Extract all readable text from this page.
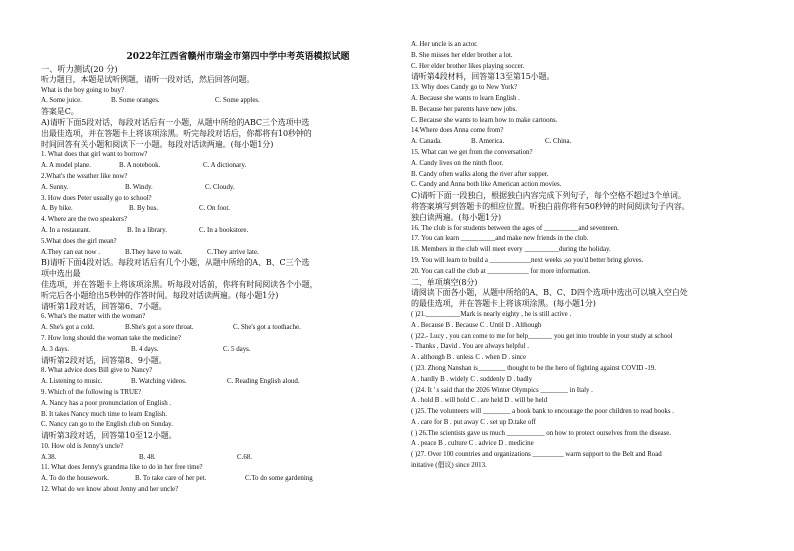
2022年江西省赣州市瑞金市第四中学中考英语模拟试题
一、听力测试(20 分)
听力题目，本题是试听例题，请听一段对话，然后回答问题。
What is the boy going to buy?
A. Some juice.	B. Some oranges.	C. Some apples.
答案是C。
A)请听下面5段对话，每段对话后有一小题，从题中所给的ABC三个选项中选
出最佳选项，并在答题卡上将该项涂黑。听完每段对话后，你都将有10秒钟的
时间回答有关小题和阅读下一小题。每段对话读两遍。(每小题1分)
1. What does that girl want to borrow?
A. A model plane.	B. A notebook.	C. A dictionary.
2.What's the weather like now?
A. Sunny.	B. Windy.	C. Cloudy.
3. How does Peter usually go to school?
A. By bike.	B. By bus.	C. On foot.
4. Where are the two speakers?
A. In a restaurant.	B. In a library.	C. In a bookstore.
5.What does the girl mean?
A.They can eat now .	B.They have to wait.	C.They arrive late.
B)请听下面4段对话。每段对话后有几个小题，从题中所给的A、B、C三个选
项中选出最
佳选项，并在答题卡上将该项涂黑。听每段对话前，你将有时间阅读各个小题，
听完后各小题给出5秒钟的作答时间。每段对话读两遍。(每小题1分)
请听第1段对话，回答第6、7小题。
6. What's the matter with the woman?
A. She's got a cold.	B.She's got a sore throat.	C. She's got a toothache.
7. How long should the woman take the medicine?
A. 3 days.	B. 4 days.	C. 5 days.
请听第2段对话，回答第8、9小题。
8. What advice does Bill give to Nancy?
A. Listening to music.	B. Watching videos.	C. Reading English aloud.
9. Which of the following is TRUE?
A. Nancy has a poor pronunciation of English .
B. It takes Nancy much time to learn English.
C. Nancy can go to the English club on Sunday.
请听第3段对话，回答第10至12小题。
10. How old is Jenny's uncle?
A.38.	B. 48.	C.68.
11. What does Jenny's grandma like to do in her free time?
A. To do the housework.	B. To take care of her pet.	C.To do some gardening
12. What do we know about Jenny and her uncle?
A. Her uncle is an actor.
B. She misses her elder brother a lot.
C. Her elder brother likes playing soccer.
请听第4段材料，回答第13至第15小题。
13. Why does Candy go to New York?
A. Because she wants to learn English .
B. Because her parents have new jobs.
C. Because she wants to learn how to make cartoons.
14.Where does Anna come from?
A. Canada.	B. America.	C. China.
15. What can we get from the conversation?
A. Candy lives on the ninth floor.
B. Candy often walks along the river after supper.
C. Candy and Anna both like American action movies.
C)请听下面一段独白，根据独白内容完成下列句子，每个空格不超过3个单词。
将答案填写到答题卡的相应位置。听独白前你将有50秒钟的时间阅读句子内容。
独白读两遍。(每小题1分)
16. The club is for students between the ages of __________and seventeen.
17. You can learn __________and make new friends in the club.
18. Members in the club will meet every __________during the holiday.
19. You will learn to build a ____________next weeks ,so you'd better bring gloves.
20. You can call the club at ____________ for more information.
二、单项填空(8分)
请阅读下面各小题，从题中所给的A、B、C、D四个选项中选出可以填入空白处
的最佳选项，并在答题卡上将该项涂黑。(每小题1分)
( )21.__________Mark is nearly eighty , he is still active .
A . Because B . Because C . Until D . Although
( )22.- Lucy , you can come to me for help_______ you get into trouble in your study at school
- Thanks , David . You are always helpful .
A . although B . unless C . when D . since
( )23. Zhong Nanshan is________ thought to be the hero of fighting against COVID -19.
A . hardly B . widely C . suddenly D . badly
( )24. It ' s said that the 2026 Winter Olympics ________ in Italy .
A . hold B . will hold C . are held D . will be held
( )25. The volunteers will ________ a book bank to encourage the poor children to read books .
A . care for B . put away C . set up D.take off
( ) 26.The scientists gave us much ___________ on how to protect ourselves from the disease.
A . peace B . culture C . advice D . medicine
( )27. Over 100 countries and organizations _________ warm support to the Belt and Road
initative (倡议) since 2013.
